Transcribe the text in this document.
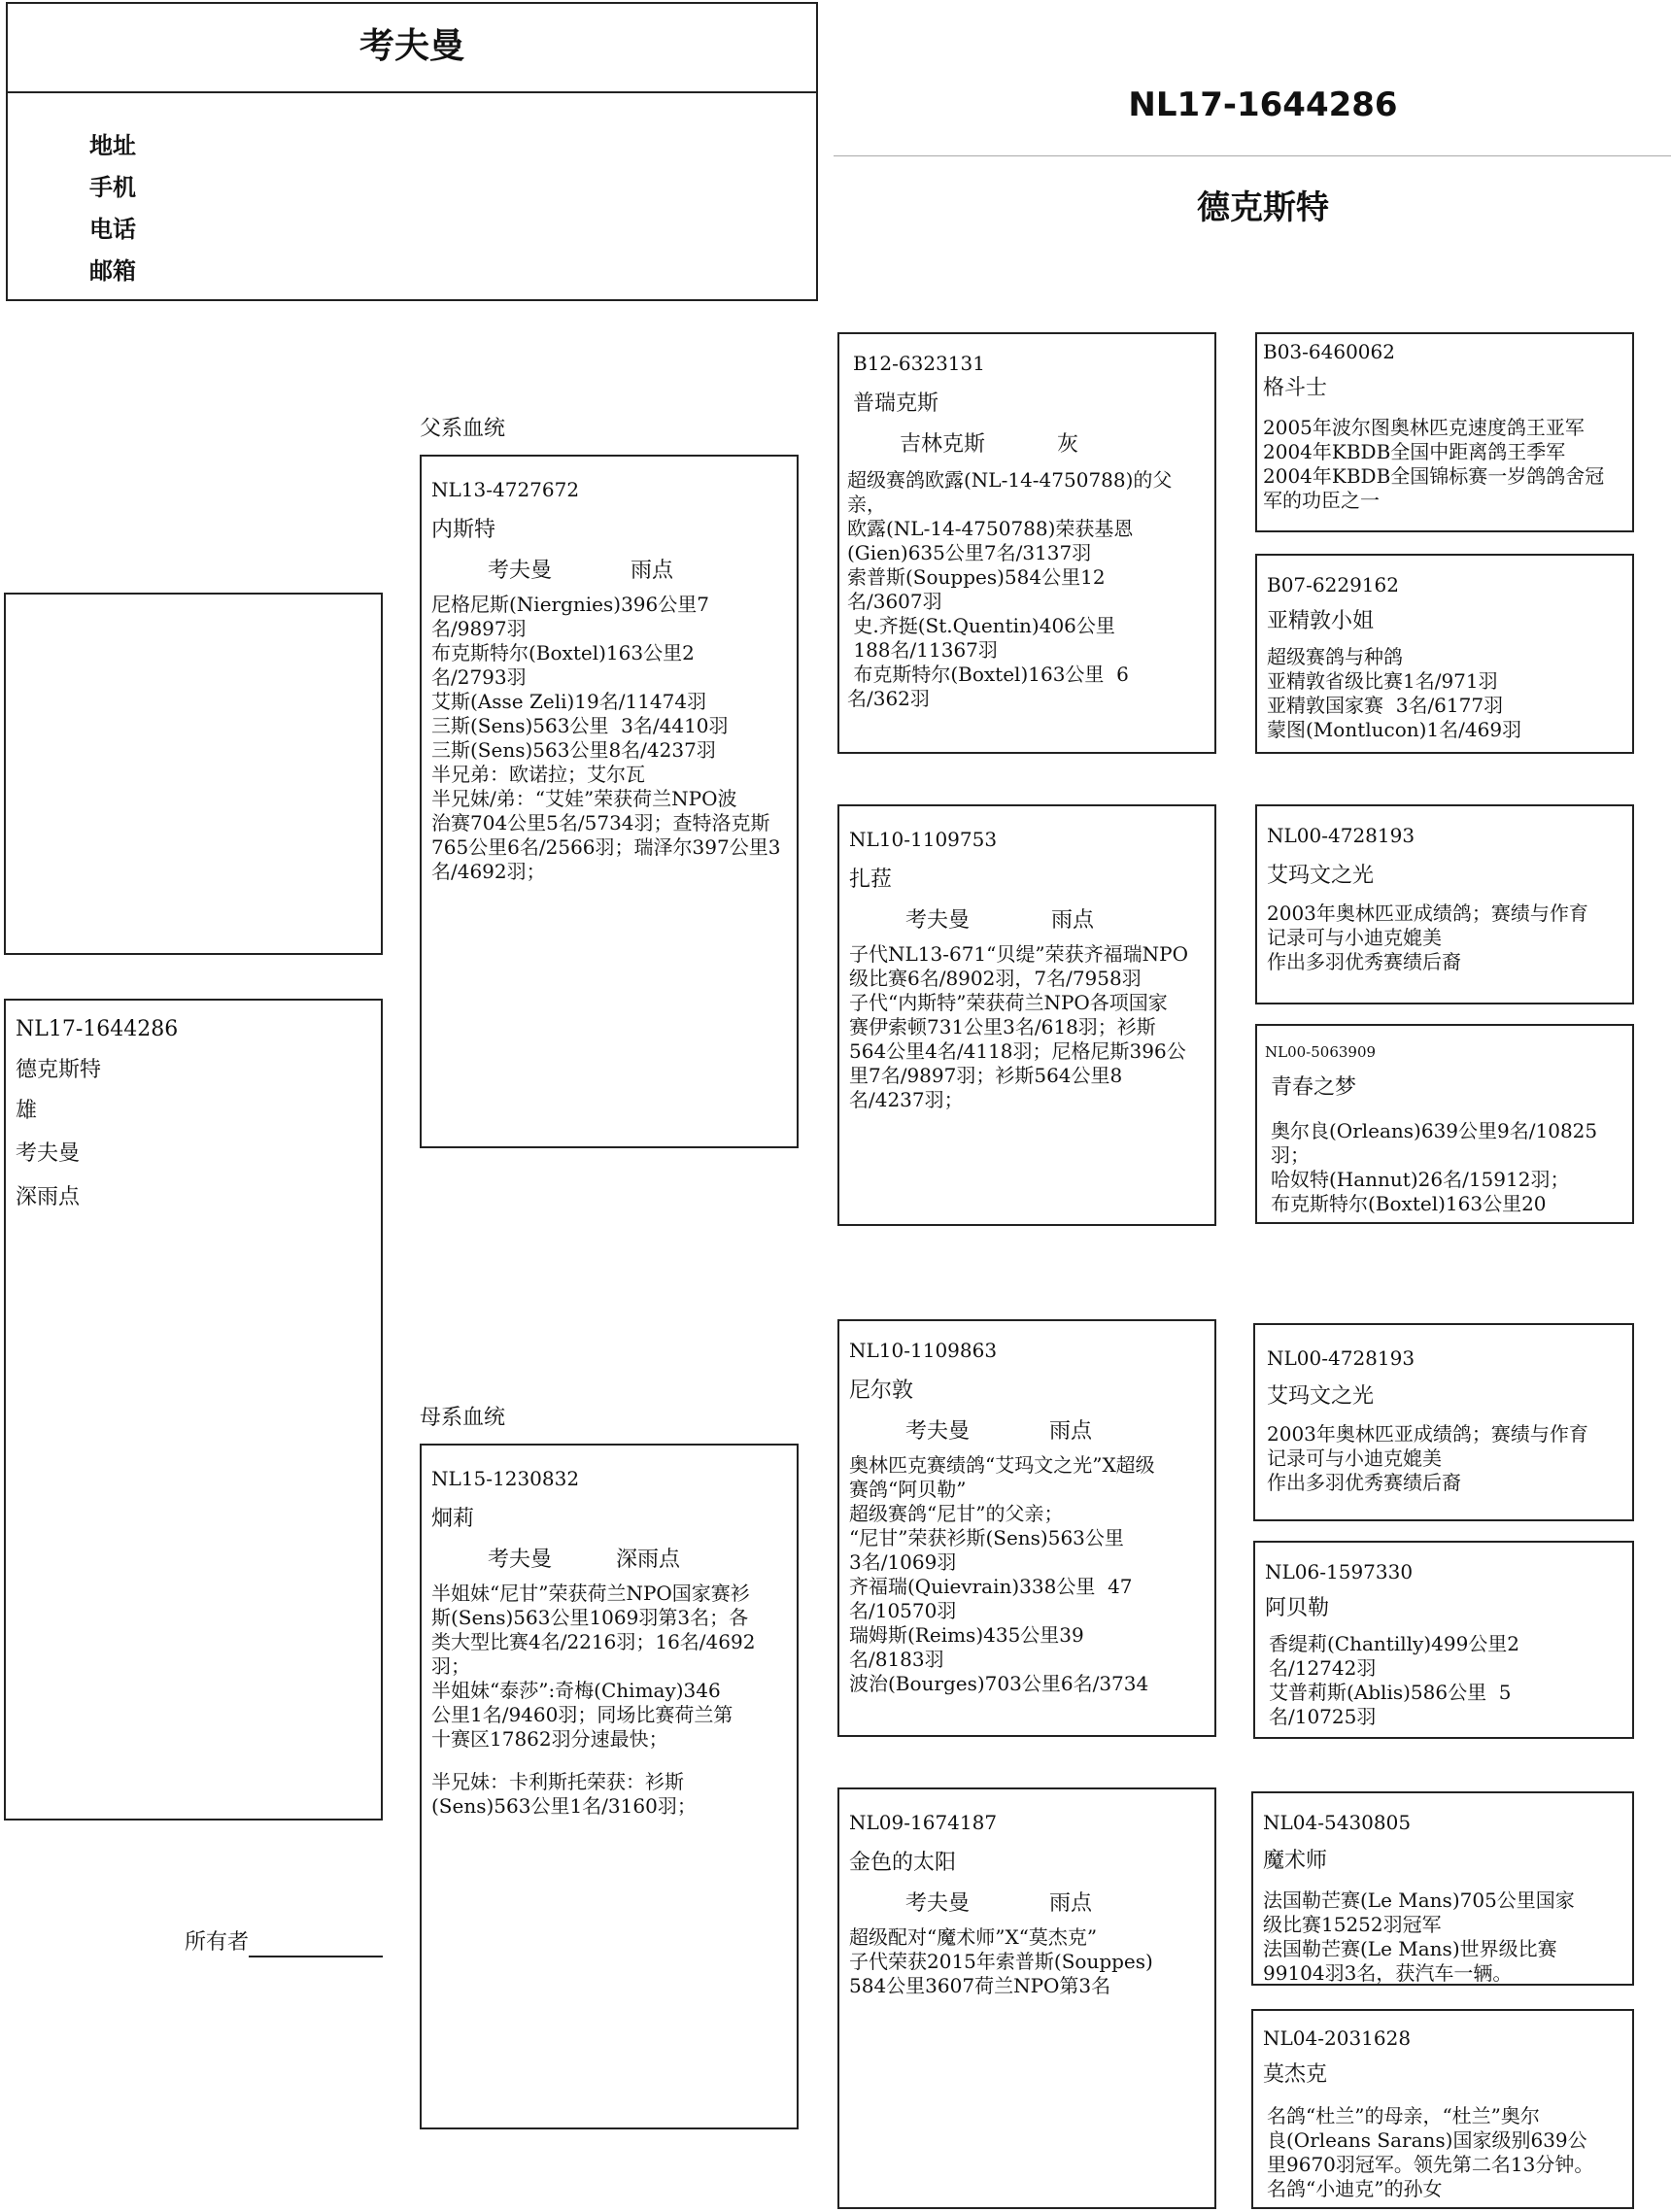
考夫曼
地址
手机
电话
邮箱
NL17-1644286
德克斯特
NL17-1644286
德克斯特
雄
考夫曼
深雨点
所有者
父系血统
NL13-4727672
内斯特
考夫曼	雨点
尼格尼斯(Niergnies)396公里7
名/9897羽
布克斯特尔(Boxtel)163公里2
名/2793羽
艾斯(Asse Zeli)19名/11474羽
三斯(Sens)563公里  3名/4410羽
三斯(Sens)563公里8名/4237羽
半兄弟：欧诺拉；艾尔瓦
半兄妹/弟：“艾娃”荣获荷兰NPO波
治赛704公里5名/5734羽；查特洛克斯
765公里6名/2566羽；瑞泽尔397公里3
名/4692羽；
母系血统
NL15-1230832
炯莉
考夫曼	深雨点
半姐妹“尼甘”荣获荷兰NPO国家赛衫
斯(Sens)563公里1069羽第3名；各
类大型比赛4名/2216羽；16名/4692
羽；
半姐妹“泰莎”:奇梅(Chimay)346
公里1名/9460羽；同场比赛荷兰第
十赛区17862羽分速最快；
半兄妹：卡利斯托荣获：衫斯
(Sens)563公里1名/3160羽；
B12-6323131
普瑞克斯
吉林克斯	灰
超级赛鸽欧露(NL-14-4750788)的父
亲，
欧露(NL-14-4750788)荣获基恩
(Gien)635公里7名/3137羽
索普斯(Souppes)584公里12
名/3607羽
史.齐挺(St.Quentin)406公里
188名/11367羽
布克斯特尔(Boxtel)163公里  6
名/362羽
NL10-1109753
扎菈
考夫曼	雨点
子代NL13-671“贝缇”荣获齐福瑞NPO
级比赛6名/8902羽，7名/7958羽
子代“内斯特”荣获荷兰NPO各项国家
赛伊索顿731公里3名/618羽；衫斯
564公里4名/4118羽；尼格尼斯396公
里7名/9897羽；衫斯564公里8
名/4237羽；
NL10-1109863
尼尔敦
考夫曼	雨点
奥林匹克赛绩鸽“艾玛文之光”X超级
赛鸽“阿贝勒”
超级赛鸽“尼甘”的父亲；
“尼甘”荣获衫斯(Sens)563公里
3名/1069羽
齐福瑞(Quievrain)338公里  47
名/10570羽
瑞姆斯(Reims)435公里39
名/8183羽
波治(Bourges)703公里6名/3734
NL09-1674187
金色的太阳
考夫曼	雨点
超级配对“魔术师”X“莫杰克”
子代荣获2015年索普斯(Souppes)
584公里3607荷兰NPO第3名
B03-6460062
格斗士
2005年波尔图奥林匹克速度鸽王亚军
2004年KBDB全国中距离鸽王季军
2004年KBDB全国锦标赛一岁鸽鸽舍冠
军的功臣之一
B07-6229162
亚精敦小姐
超级赛鸽与种鸽
亚精敦省级比赛1名/971羽
亚精敦国家赛  3名/6177羽
蒙图(Montlucon)1名/469羽
NL00-4728193
艾玛文之光
2003年奥林匹亚成绩鸽；赛绩与作育
记录可与小迪克媲美
作出多羽优秀赛绩后裔
NL00-5063909
青春之梦
奥尔良(Orleans)639公里9名/10825
羽；
哈奴特(Hannut)26名/15912羽；
布克斯特尔(Boxtel)163公里20
NL00-4728193
艾玛文之光
2003年奥林匹亚成绩鸽；赛绩与作育
记录可与小迪克媲美
作出多羽优秀赛绩后裔
NL06-1597330
阿贝勒
香缇莉(Chantilly)499公里2
名/12742羽
艾普莉斯(Ablis)586公里  5
名/10725羽
NL04-5430805
魔术师
法国勒芒赛(Le Mans)705公里国家
级比赛15252羽冠军
法国勒芒赛(Le Mans)世界级比赛
99104羽3名，获汽车一辆。
NL04-2031628
莫杰克
名鸽“杜兰”的母亲，“杜兰”奥尔
良(Orleans Sarans)国家级别639公
里9670羽冠军。领先第二名13分钟。
名鸽“小迪克”的孙女
